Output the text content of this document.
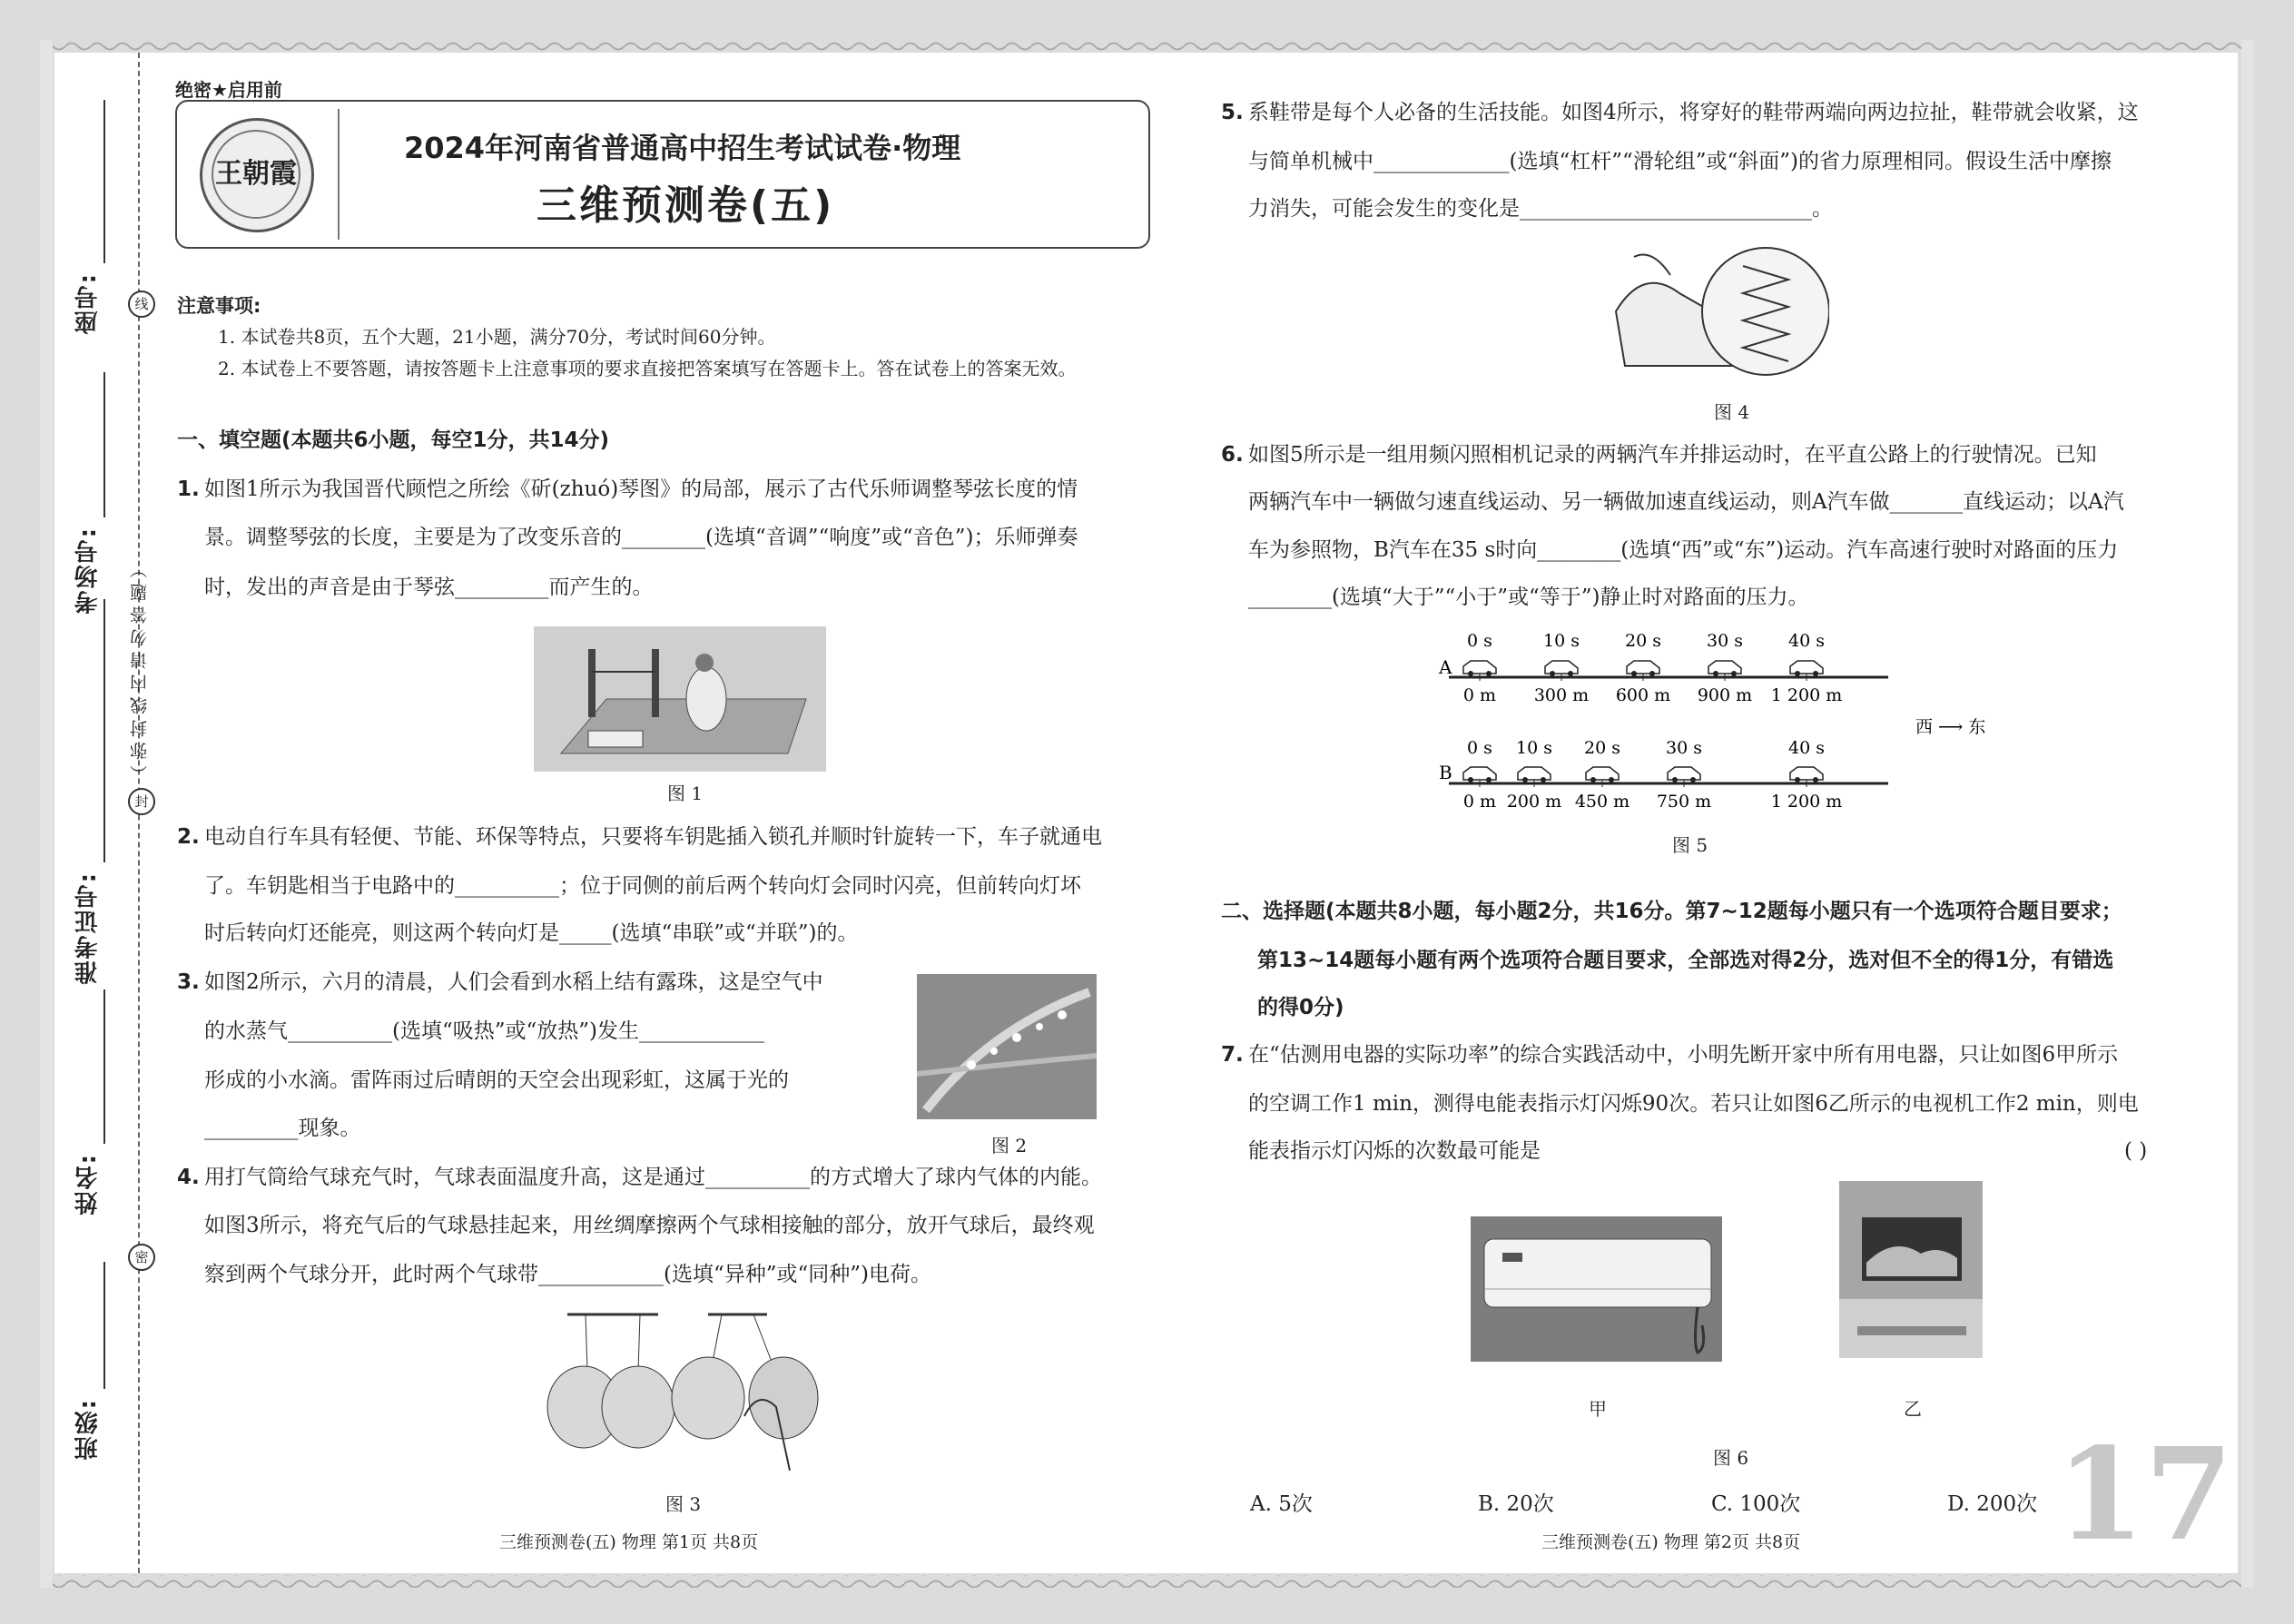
座号:
考场号:
准考证号:
姓名:
班级:
线
封
密
（弥封线内请勿答题）
绝密★启用前
王朝霞
2024年河南省普通高中招生考试试卷·物理
三维预测卷(五)
注意事项:
1. 本试卷共8页，五个大题，21小题，满分70分，考试时间60分钟。
2. 本试卷上不要答题，请按答题卡上注意事项的要求直接把答案填写在答题卡上。答在试卷上的答案无效。
一、填空题(本题共6小题，每空1分，共14分)
1. 如图1所示为我国晋代顾恺之所绘《斫(zhuó)琴图》的局部，展示了古代乐师调整琴弦长度的情
景。调整琴弦的长度，主要是为了改变乐音的________(选填“音调”“响度”或“音色”)；乐师弹奏
时，发出的声音是由于琴弦_________而产生的。
图 1
2. 电动自行车具有轻便、节能、环保等特点，只要将车钥匙插入锁孔并顺时针旋转一下，车子就通电
了。车钥匙相当于电路中的__________；位于同侧的前后两个转向灯会同时闪亮，但前转向灯坏
时后转向灯还能亮，则这两个转向灯是_____(选填“串联”或“并联”)的。
3. 如图2所示，六月的清晨，人们会看到水稻上结有露珠，这是空气中
的水蒸气__________(选填“吸热”或“放热”)发生____________
形成的小水滴。雷阵雨过后晴朗的天空会出现彩虹，这属于光的
_________现象。
图 2
4. 用打气筒给气球充气时，气球表面温度升高，这是通过__________的方式增大了球内气体的内能。
如图3所示，将充气后的气球悬挂起来，用丝绸摩擦两个气球相接触的部分，放开气球后，最终观
察到两个气球分开，此时两个气球带____________(选填“异种”或“同种”)电荷。
图 3
三维预测卷(五) 物理 第1页 共8页
5. 系鞋带是每个人必备的生活技能。如图4所示，将穿好的鞋带两端向两边拉扯，鞋带就会收紧，这
与简单机械中_____________(选填“杠杆”“滑轮组”或“斜面”)的省力原理相同。假设生活中摩擦
力消失，可能会发生的变化是____________________________。
图 4
6. 如图5所示是一组用频闪照相机记录的两辆汽车并排运动时，在平直公路上的行驶情况。已知
两辆汽车中一辆做匀速直线运动、另一辆做加速直线运动，则A汽车做_______直线运动；以A汽
车为参照物，B汽车在35 s时向________(选填“西”或“东”)运动。汽车高速行驶时对路面的压力
________(选填“大于”“小于”或“等于”)静止时对路面的压力。
A
B
0 s
0 m
10 s
300 m
20 s
600 m
30 s
900 m
40 s
1 200 m
0 s
0 m
10 s
200 m
20 s
450 m
30 s
750 m
40 s
1 200 m
西 ⟶ 东
图 5
二、选择题(本题共8小题，每小题2分，共16分。第7~12题每小题只有一个选项符合题目要求；
第13~14题每小题有两个选项符合题目要求，全部选对得2分，选对但不全的得1分，有错选
的得0分)
7. 在“估测用电器的实际功率”的综合实践活动中，小明先断开家中所有用电器，只让如图6甲所示
的空调工作1 min，测得电能表指示灯闪烁90次。若只让如图6乙所示的电视机工作2 min，则电
能表指示灯闪烁的次数最可能是	( )
甲	乙
图 6
A. 5次	B. 20次	C. 100次	D. 200次 17
三维预测卷(五) 物理 第2页 共8页
